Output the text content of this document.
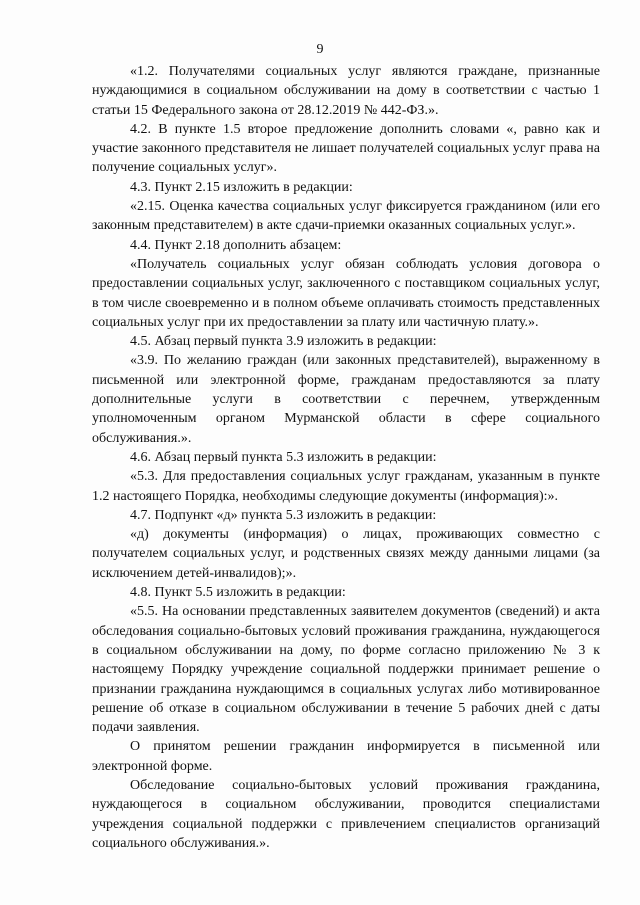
9

«1.2. Получателями социальных услуг являются граждане, признанные нуждающимися в социальном обслуживании на дому в соответствии с частью 1 статьи 15 Федерального закона от 28.12.2019 № 442-ФЗ.».

4.2. В пункте 1.5 второе предложение дополнить словами «, равно как и участие законного представителя не лишает получателей социальных услуг права на получение социальных услуг».

4.3. Пункт 2.15 изложить в редакции:

«2.15. Оценка качества социальных услуг фиксируется гражданином (или его законным представителем) в акте сдачи-приемки оказанных социальных услуг.».

4.4. Пункт 2.18 дополнить абзацем:

«Получатель социальных услуг обязан соблюдать условия договора о предоставлении социальных услуг, заключенного с поставщиком социальных услуг, в том числе своевременно и в полном объеме оплачивать стоимость представленных социальных услуг при их предоставлении за плату или частичную плату.».

4.5. Абзац первый пункта 3.9 изложить в редакции:

«3.9. По желанию граждан (или законных представителей), выраженному в письменной или электронной форме, гражданам предоставляются за плату дополнительные услуги в соответствии с перечнем, утвержденным уполномоченным органом Мурманской области в сфере социального обслуживания.».

4.6. Абзац первый пункта 5.3 изложить в редакции:

«5.3. Для предоставления социальных услуг гражданам, указанным в пункте 1.2 настоящего Порядка, необходимы следующие документы (информация):».

4.7. Подпункт «д» пункта 5.3 изложить в редакции:

«д) документы (информация) о лицах, проживающих совместно с получателем социальных услуг, и родственных связях между данными лицами (за исключением детей-инвалидов);».

4.8. Пункт 5.5 изложить в редакции:

«5.5. На основании представленных заявителем документов (сведений) и акта обследования социально-бытовых условий проживания гражданина, нуждающегося в социальном обслуживании на дому, по форме согласно приложению № 3 к настоящему Порядку учреждение социальной поддержки принимает решение о признании гражданина нуждающимся в социальных услугах либо мотивированное решение об отказе в социальном обслуживании в течение 5 рабочих дней с даты подачи заявления.

О принятом решении гражданин информируется в письменной или электронной форме.

Обследование социально-бытовых условий проживания гражданина, нуждающегося в социальном обслуживании, проводится специалистами учреждения социальной поддержки с привлечением специалистов организаций социального обслуживания.».
